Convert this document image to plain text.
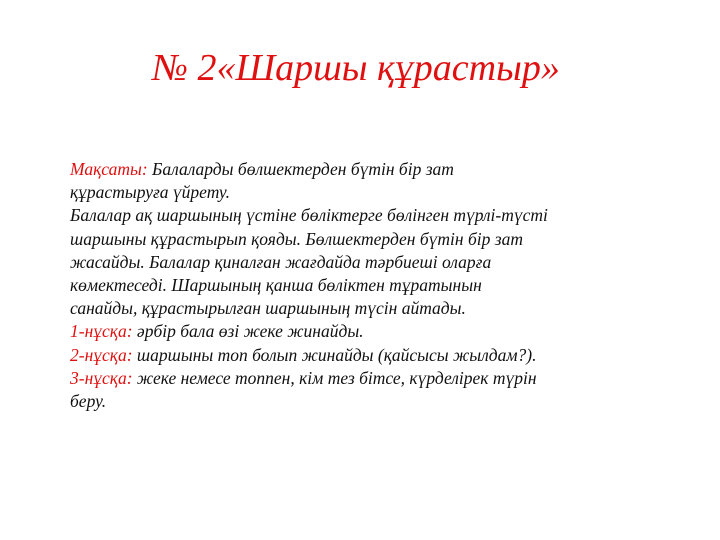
№ 2«Шаршы құрастыр»
Мақсаты: Балаларды бөлшектерден бүтін бір зат
құрастыруға үйрету.
Балалар ақ шаршының үстіне бөліктерге бөлінген түрлі-түсті
шаршыны құрастырып қояды. Бөлшектерден бүтін бір зат
жасайды. Балалар қиналған жағдайда тәрбиеші оларға
көмектеседі. Шаршының қанша бөліктен тұратынын
санайды, құрастырылған шаршының түсін айтады.
1-нұсқа: әрбір бала өзі жеке жинайды.
2-нұсқа: шаршыны топ болып жинайды (қайсысы жылдам?).
3-нұсқа: жеке немесе топпен, кім тез бітсе, күрделірек түрін
беру.
